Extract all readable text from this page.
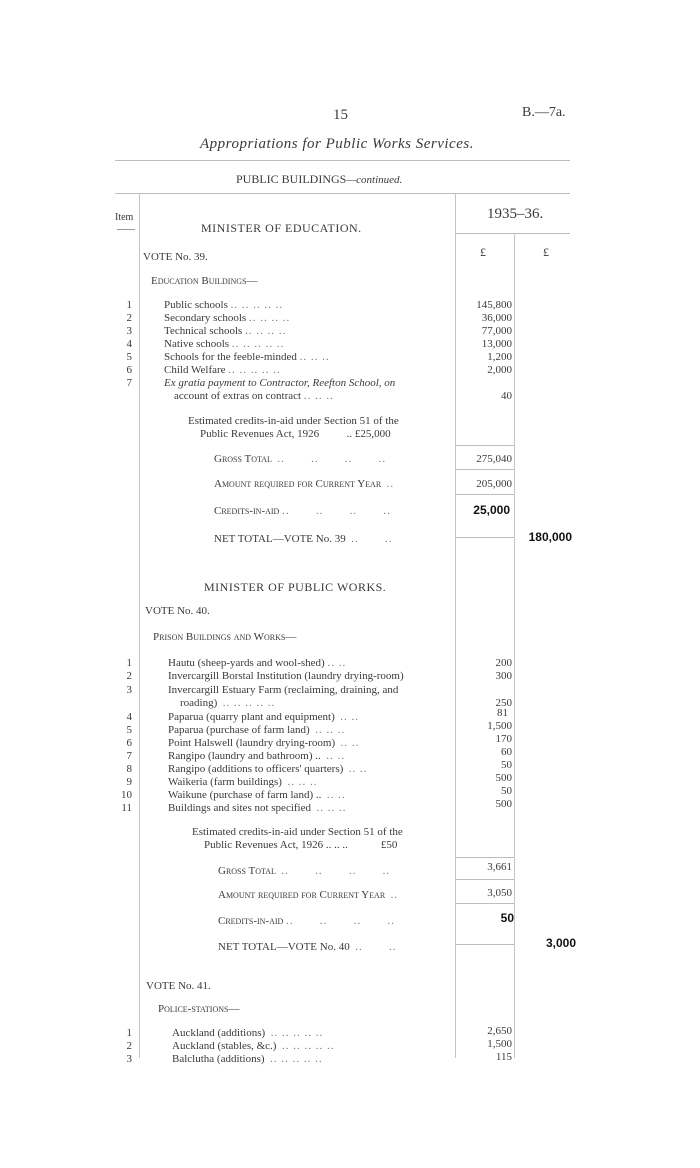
15	B.—7a.
Appropriations for Public Works Services.
PUBLIC BUILDINGS—continued.
Item	1935–36.
£	£
MINISTER OF EDUCATION.
VOTE No. 39.
Education Buildings—
1	Public schools .. .. .. .. ..	145,800
2	Secondary schools .. .. .. ..	36,000
3	Technical schools .. .. .. ..	77,000
4	Native schools .. .. .. .. ..	13,000
5	Schools for the feeble-minded .. .. ..	1,200
6	Child Welfare .. .. .. .. ..	2,000
7	Ex gratia payment to Contractor, Reefton School, on
account of extras on contract .. .. ..	40
Estimated credits-in-aid under Section 51 of the
Public Revenues Act, 1926	.. £25,000
Gross Total ..       ..       ..       ..	275,040
Amount required for Current Year ..	205,000
Credits-in-aid ..       ..       ..       ..	25,000
NET TOTAL—VOTE No. 39 ..       ..	180,000
MINISTER OF PUBLIC WORKS.
VOTE No. 40.
Prison Buildings and Works—
1	Hautu (sheep-yards and wool-shed) .. ..	200
2	Invercargill Borstal Institution (laundry drying-room)	300
3	Invercargill Estuary Farm (reclaiming, draining, and
roading) .. .. .. .. ..	250
4	Paparua (quarry plant and equipment) .. ..	81
5	Paparua (purchase of farm land) .. .. ..	1,500
6	Point Halswell (laundry drying-room) .. ..	170
7	Rangipo (laundry and bathroom) .. .. ..	60
8	Rangipo (additions to officers' quarters) .. ..	50
9	Waikeria (farm buildings) .. .. ..	500
10	Waikune (purchase of farm land) .. .. ..	50
11	Buildings and sites not specified .. .. ..	500
Estimated credits-in-aid under Section 51 of the
Public Revenues Act, 1926 .. .. ..	£50
Gross Total ..       ..       ..       ..	3,661
Amount required for Current Year ..	3,050
Credits-in-aid ..       ..       ..       ..	50
NET TOTAL—VOTE No. 40 ..       ..	3,000
VOTE No. 41.
Police-stations—
1	Auckland (additions) .. .. .. .. ..	2,650
2	Auckland (stables, &c.) .. .. .. .. ..	1,500
3	Balclutha (additions) .. .. .. .. ..	115
